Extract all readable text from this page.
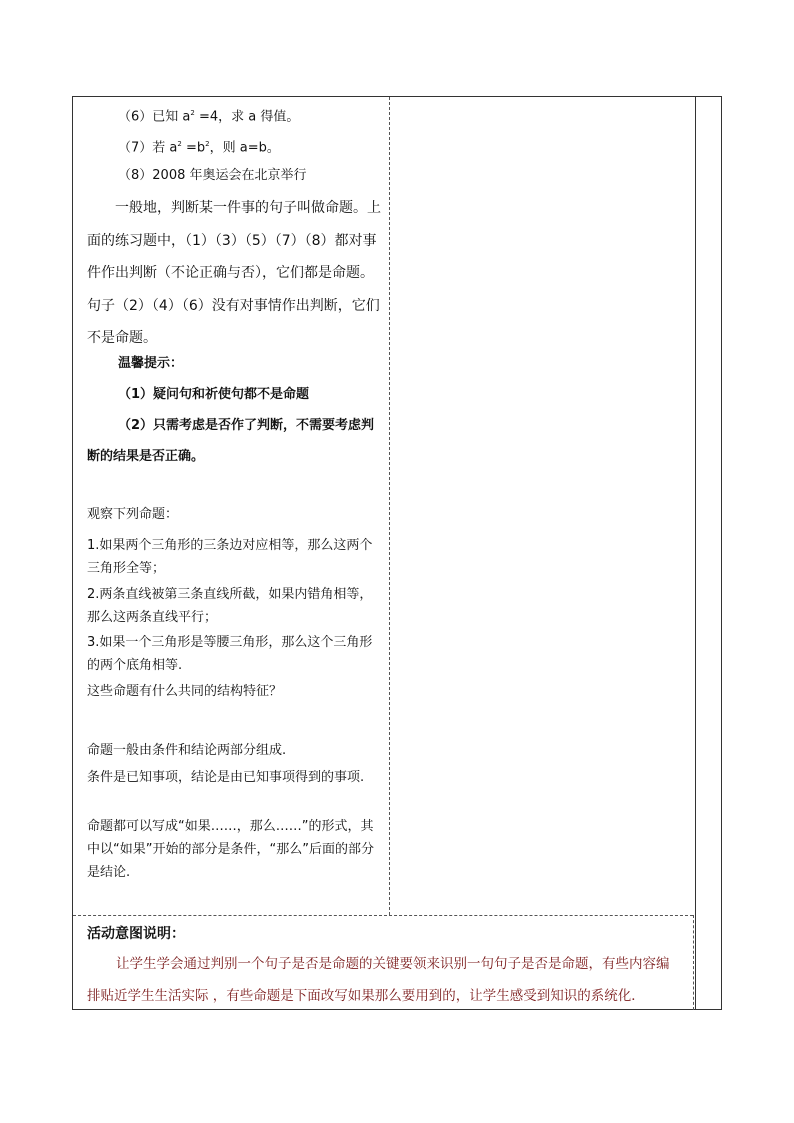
（6）已知 $a^2 =4$，求 a 得值。
（7）若 $a^2 =b^2$，则 a=b。
（8）2008 年奥运会在北京举行
一般地，判断某一件事的句子叫做命题。上面的练习题中，（1）（3）（5）（7）（8）都对事件作出判断（不论正确与否），它们都是命题。句子（2）（4）（6）没有对事情作出判断，它们不是命题。
温馨提示：
（1）疑问句和祈使句都不是命题
（2）只需考虑是否作了判断，不需要考虑判
断的结果是否正确。
观察下列命题：
1.如果两个三角形的三条边对应相等，那么这两个三角形全等；
2.两条直线被第三条直线所截，如果内错角相等，那么这两条直线平行；
3.如果一个三角形是等腰三角形，那么这个三角形的两个底角相等.
这些命题有什么共同的结构特征？
命题一般由条件和结论两部分组成.
条件是已知事项，结论是由已知事项得到的事项.
命题都可以写成“如果……，那么……”的形式，其中以“如果”开始的部分是条件，“那么”后面的部分是结论.
活动意图说明：
让学生学会通过判别一个句子是否是命题的关键要领来识别一句句子是否是命题，有些内容编
排贴近学生生活实际 ，有些命题是下面改写如果那么要用到的，让学生感受到知识的系统化．
